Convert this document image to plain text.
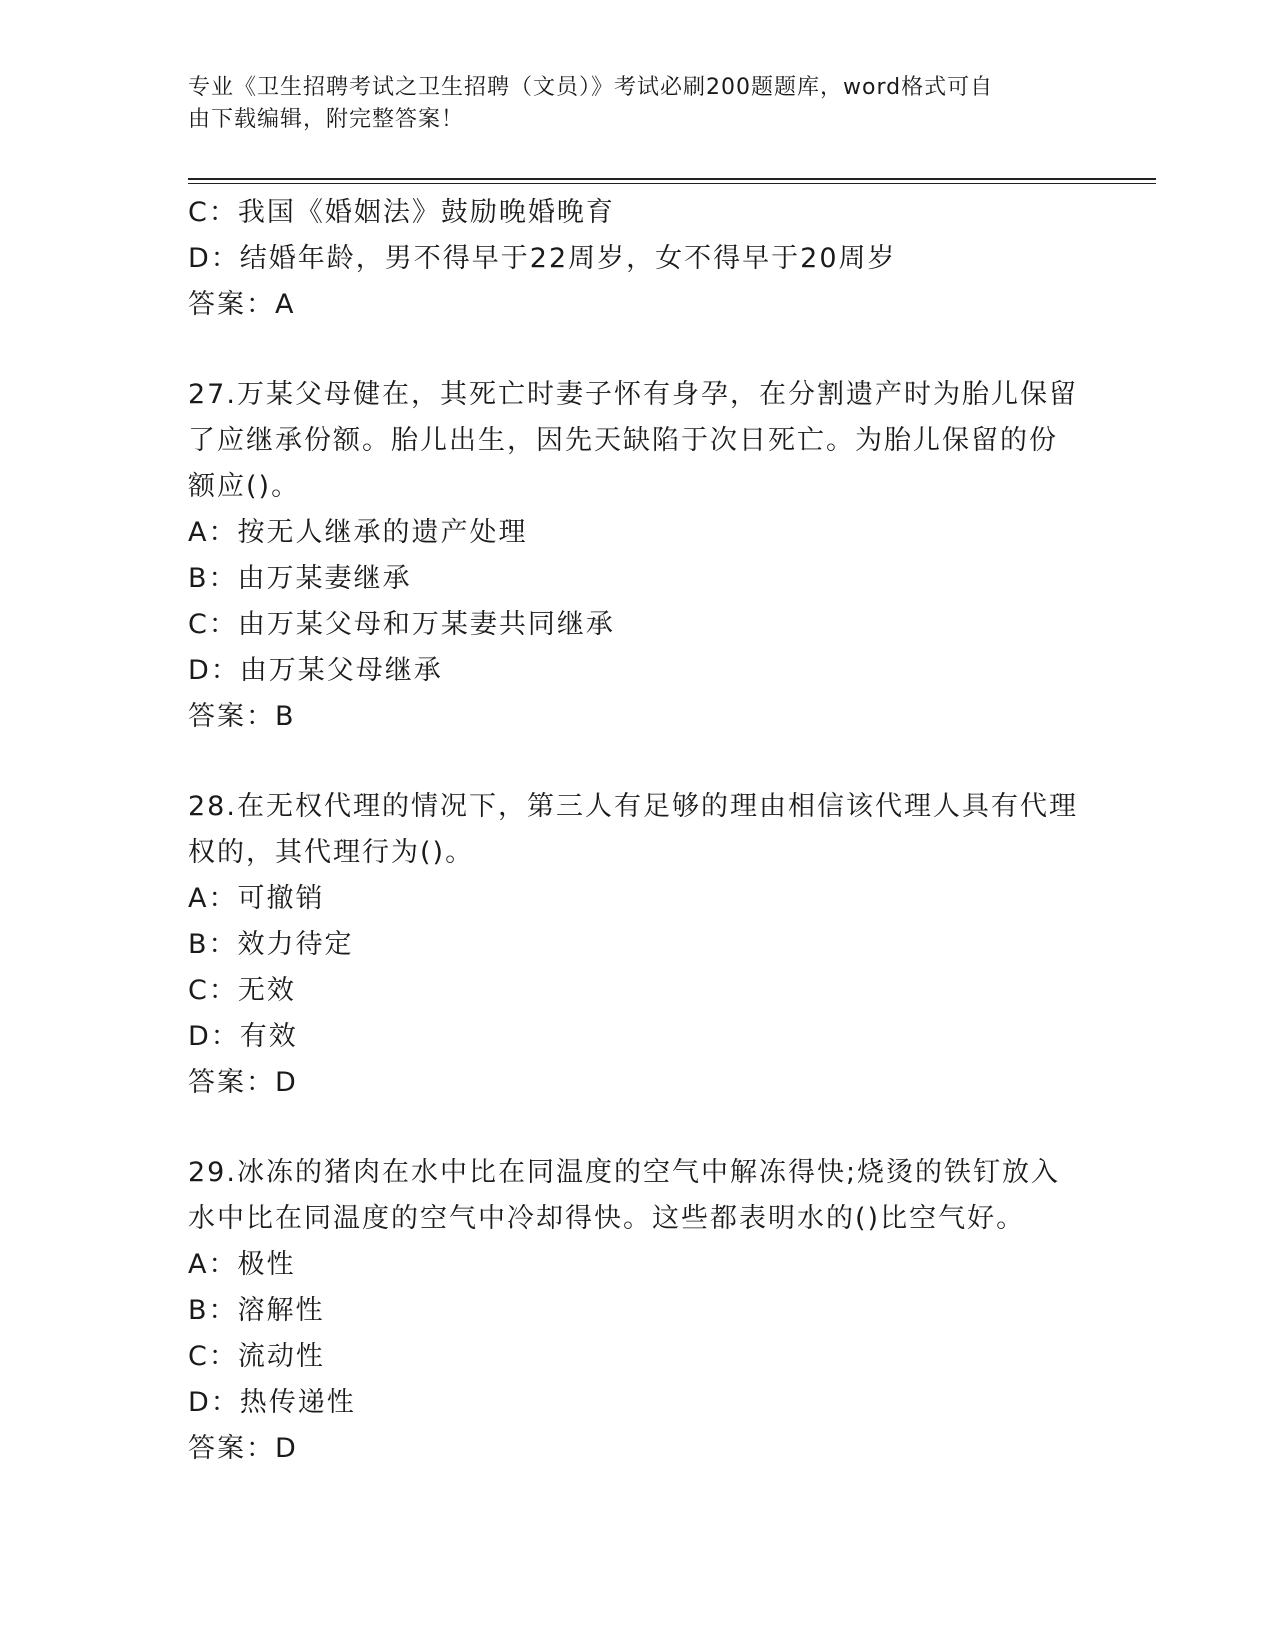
专业《卫生招聘考试之卫生招聘（文员）》考试必刷200题题库，word格式可自
由下载编辑，附完整答案！
C：我国《婚姻法》鼓励晚婚晚育
D：结婚年龄，男不得早于22周岁，女不得早于20周岁
答案：A
27.万某父母健在，其死亡时妻子怀有身孕，在分割遗产时为胎儿保留
了应继承份额。胎儿出生，因先天缺陷于次日死亡。为胎儿保留的份
额应()。
A：按无人继承的遗产处理
B：由万某妻继承
C：由万某父母和万某妻共同继承
D：由万某父母继承
答案：B
28.在无权代理的情况下，第三人有足够的理由相信该代理人具有代理
权的，其代理行为()。
A：可撤销
B：效力待定
C：无效
D：有效
答案：D
29.冰冻的猪肉在水中比在同温度的空气中解冻得快;烧烫的铁钉放入
水中比在同温度的空气中冷却得快。这些都表明水的()比空气好。
A：极性
B：溶解性
C：流动性
D：热传递性
答案：D
